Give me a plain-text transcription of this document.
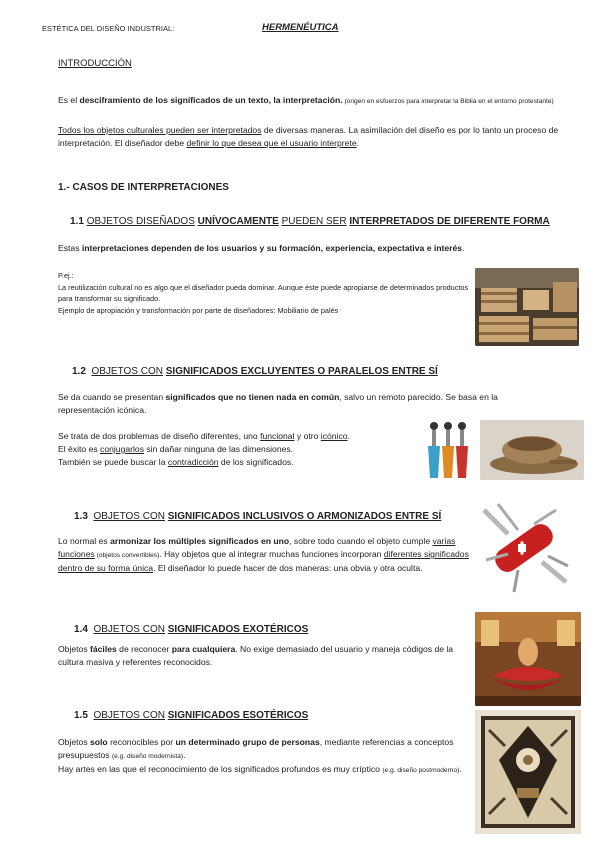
ESTÉTICA DEL DISEÑO INDUSTRIAL:	HERMENÉUTICA
INTRODUCCIÓN
Es el desciframiento de los significados de un texto, la interpretación. (origen en esfuerzos para interpretar la Biblia en el entorno protestante)
Todos los objetos culturales pueden ser interpretados de diversas maneras. La asimilación del diseño es por lo tanto un proceso de interpretación. El diseñador debe definir lo que desea que el usuario interprete.
1.- CASOS DE INTERPRETACIONES
1.1 OBJETOS DISEÑADOS UNÍVOCAMENTE PUEDEN SER INTERPRETADOS DE DIFERENTE FORMA
Estas interpretaciones dependen de los usuarios y su formación, experiencia, expectativa e interés.
P.ej.:
La reutilización cultural no es algo que el diseñador pueda dominar. Aunque éste puede apropiarse de determinados productos para transformar su significado.
Ejemplo de apropiación y transformación por parte de diseñadores: Mobiliario de palés
1.2 OBJETOS CON SIGNIFICADOS EXCLUYENTES O PARALELOS ENTRE SÍ
Se da cuando se presentan significados que no tienen nada en común, salvo un remoto parecido. Se basa en la representación icónica.
Se trata de dos problemas de diseño diferentes, uno funcional y otro icónico.
El éxito es conjugarlos sin dañar ninguna de las dimensiones.
También se puede buscar la contradicción de los significados.
1.3 OBJETOS CON SIGNIFICADOS INCLUSIVOS O ARMONIZADOS ENTRE SÍ
Lo normal es armonizar los múltiples significados en uno, sobre todo cuando el objeto cumple varias funciones (objetos convertibles). Hay objetos que al integrar muchas funciones incorporan diferentes significados dentro de su forma única. El diseñador lo puede hacer de dos maneras: una obvia y otra oculta.
1.4 OBJETOS CON SIGNIFICADOS EXOTÉRICOS
Objetos fáciles de reconocer para cualquiera. No exige demasiado del usuario y maneja códigos de la cultura masiva y referentes reconocidos.
1.5 OBJETOS CON SIGNIFICADOS ESOTÉRICOS
Objetos solo reconocibles por un determinado grupo de personas, mediante referencias a conceptos presupuestos (e.g. diseño modernista).
Hay artes en las que el reconocimiento de los significados profundos es muy críptico (e.g. diseño postmoderno).
